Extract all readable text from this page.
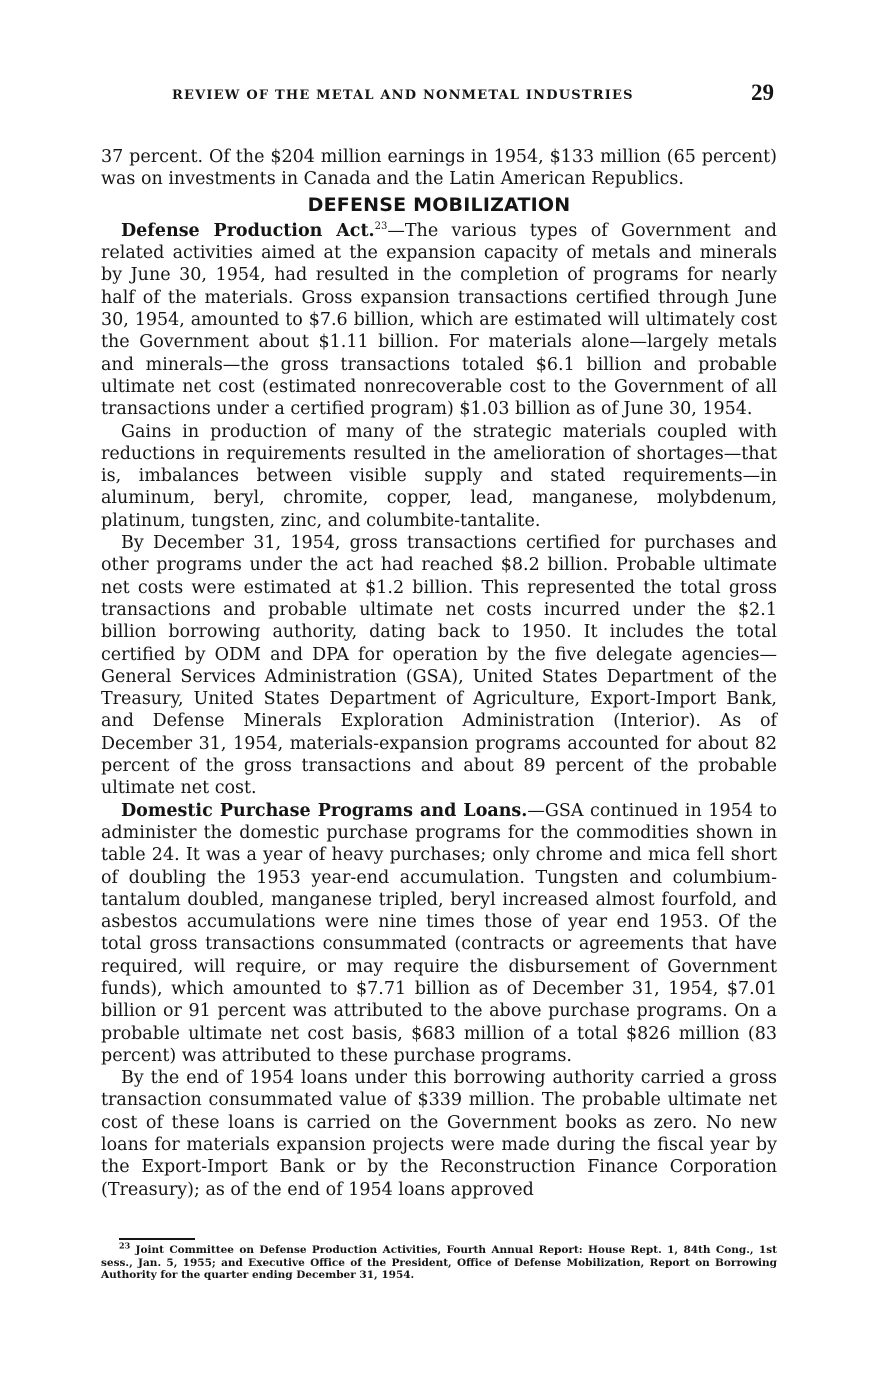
REVIEW OF THE METAL AND NONMETAL INDUSTRIES	29

37 percent. Of the $204 million earnings in 1954, $133 million (65 percent) was on investments in Canada and the Latin American Republics.

DEFENSE MOBILIZATION

Defense Production Act.$^{23}$—The various types of Government and related activities aimed at the expansion capacity of metals and minerals by June 30, 1954, had resulted in the completion of programs for nearly half of the materials. Gross expansion transactions certified through June 30, 1954, amounted to $7.6 billion, which are estimated will ultimately cost the Government about $1.11 billion. For materials alone—largely metals and minerals—the gross transactions totaled $6.1 billion and probable ultimate net cost (estimated nonrecoverable cost to the Government of all transactions under a certified program) $1.03 billion as of June 30, 1954.

Gains in production of many of the strategic materials coupled with reductions in requirements resulted in the amelioration of shortages—that is, imbalances between visible supply and stated requirements—in aluminum, beryl, chromite, copper, lead, manganese, molybdenum, platinum, tungsten, zinc, and columbite-tantalite.

By December 31, 1954, gross transactions certified for purchases and other programs under the act had reached $8.2 billion. Probable ultimate net costs were estimated at $1.2 billion. This represented the total gross transactions and probable ultimate net costs incurred under the $2.1 billion borrowing authority, dating back to 1950. It includes the total certified by ODM and DPA for operation by the five delegate agencies—General Services Administration (GSA), United States Department of the Treasury, United States Department of Agriculture, Export-Import Bank, and Defense Minerals Exploration Administration (Interior). As of December 31, 1954, materials-expansion programs accounted for about 82 percent of the gross transactions and about 89 percent of the probable ultimate net cost.

Domestic Purchase Programs and Loans.—GSA continued in 1954 to administer the domestic purchase programs for the commodities shown in table 24. It was a year of heavy purchases; only chrome and mica fell short of doubling the 1953 year-end accumulation. Tungsten and columbium-tantalum doubled, manganese tripled, beryl increased almost fourfold, and asbestos accumulations were nine times those of year end 1953. Of the total gross transactions consummated (contracts or agreements that have required, will require, or may require the disbursement of Government funds), which amounted to $7.71 billion as of December 31, 1954, $7.01 billion or 91 percent was attributed to the above purchase programs. On a probable ultimate net cost basis, $683 million of a total $826 million (83 percent) was attributed to these purchase programs.

By the end of 1954 loans under this borrowing authority carried a gross transaction consummated value of $339 million. The probable ultimate net cost of these loans is carried on the Government books as zero. No new loans for materials expansion projects were made during the fiscal year by the Export-Import Bank or by the Reconstruction Finance Corporation (Treasury); as of the end of 1954 loans approved

$^{23}$ Joint Committee on Defense Production Activities, Fourth Annual Report: House Rept. 1, 84th Cong., 1st sess., Jan. 5, 1955; and Executive Office of the President, Office of Defense Mobilization, Report on Borrowing Authority for the quarter ending December 31, 1954.
